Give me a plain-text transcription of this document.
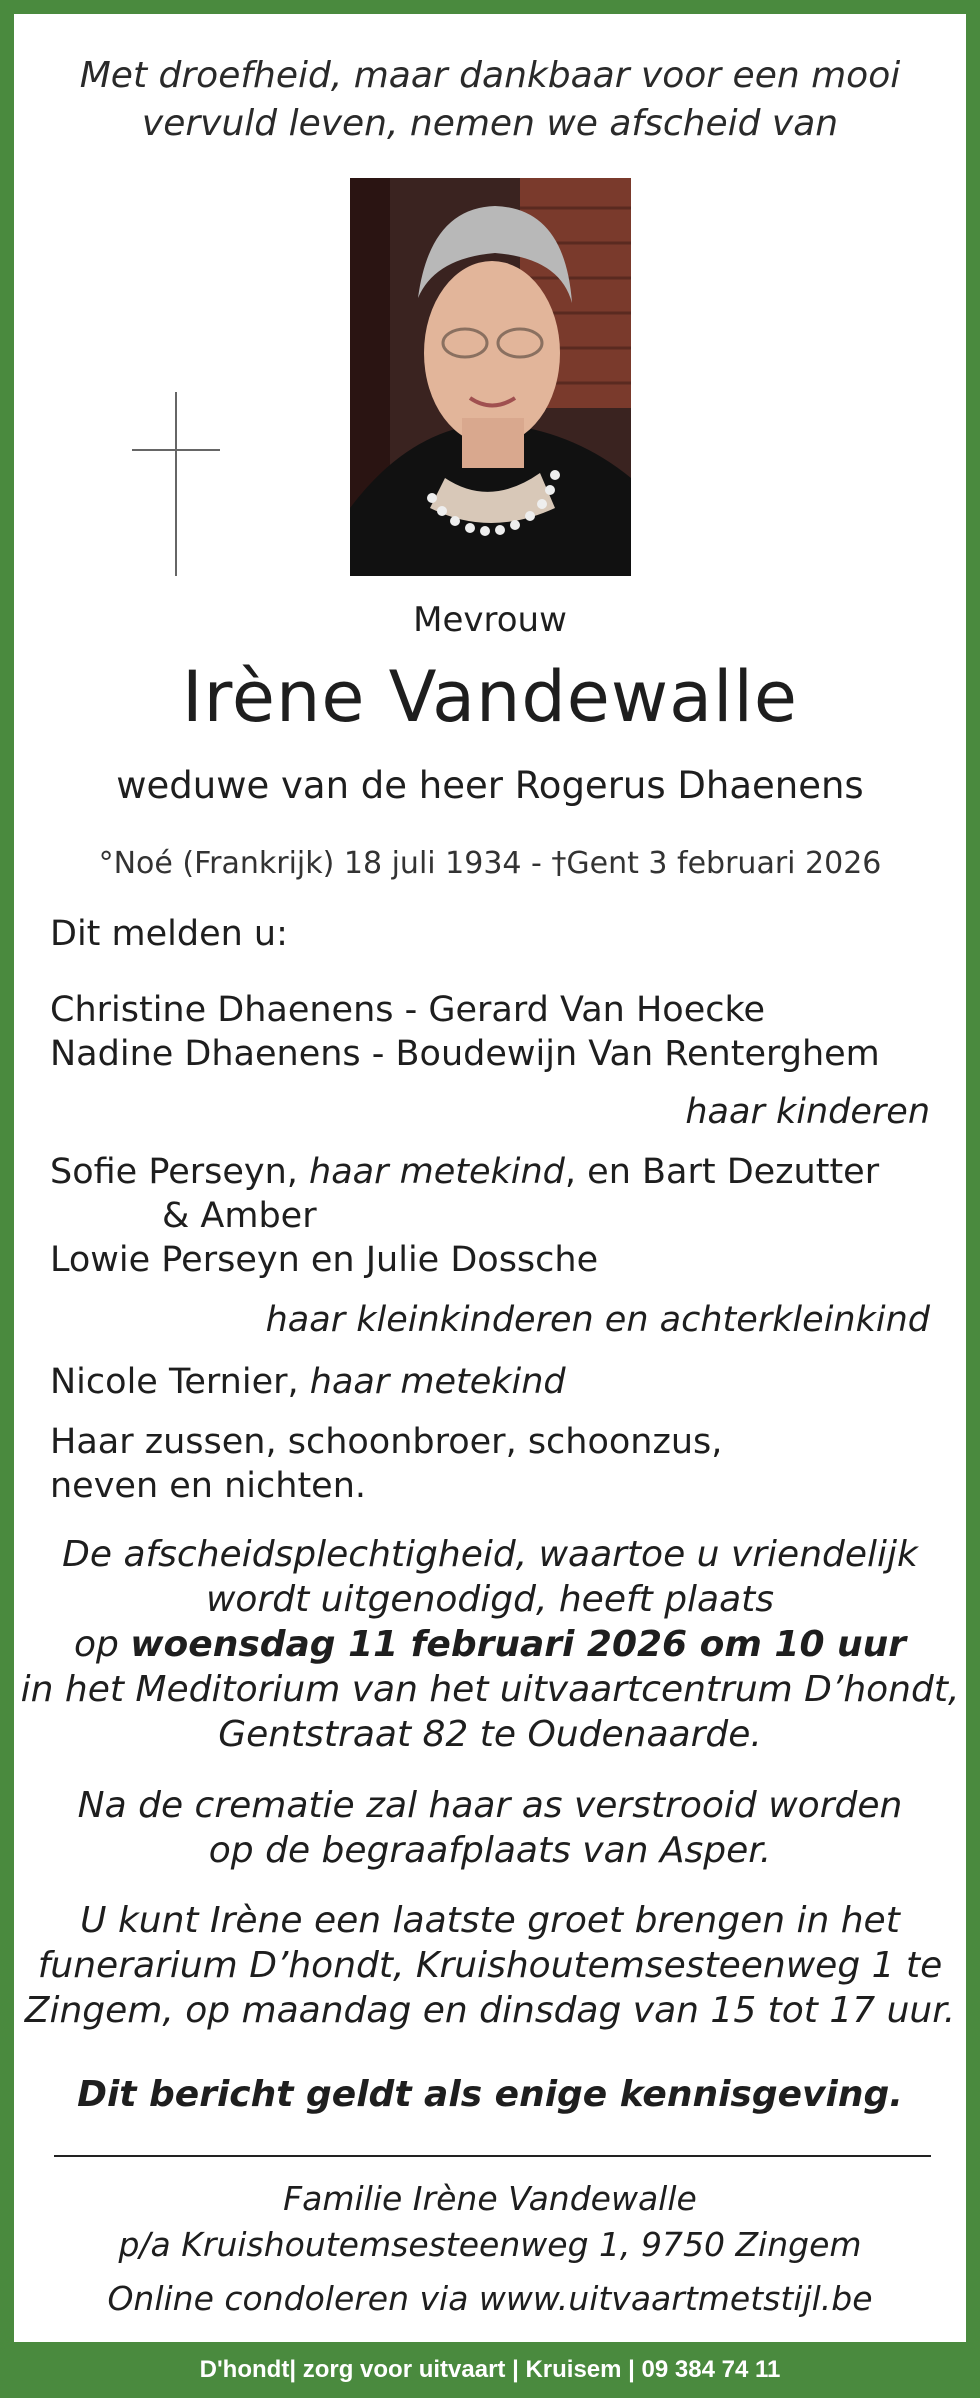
Met droefheid, maar dankbaar voor een mooi
vervuld leven, nemen we afscheid van
Mevrouw
Irène Vandewalle
weduwe van de heer Rogerus Dhaenens
°Noé (Frankrijk) 18 juli 1934 - †Gent 3 februari 2026
Dit melden u:
Christine Dhaenens - Gerard Van Hoecke
Nadine Dhaenens - Boudewijn Van Renterghem
haar kinderen
Sofie Perseyn, haar metekind, en Bart Dezutter
& Amber
Lowie Perseyn en Julie Dossche
haar kleinkinderen en achterkleinkind
Nicole Ternier, haar metekind
Haar zussen, schoonbroer, schoonzus,
neven en nichten.
De afscheidsplechtigheid, waartoe u vriendelijk
wordt uitgenodigd, heeft plaats
op woensdag 11 februari 2026 om 10 uur
in het Meditorium van het uitvaartcentrum D’hondt,
Gentstraat 82 te Oudenaarde.
Na de crematie zal haar as verstrooid worden
op de begraafplaats van Asper.
U kunt Irène een laatste groet brengen in het
funerarium D’hondt, Kruishoutemsesteenweg 1 te
Zingem, op maandag en dinsdag van 15 tot 17 uur.
Dit bericht geldt als enige kennisgeving.
Familie Irène Vandewalle
p/a Kruishoutemsesteenweg 1, 9750 Zingem
Online condoleren via www.uitvaartmetstijl.be
D'hondt| zorg voor uitvaart | Kruisem | 09 384 74 11
